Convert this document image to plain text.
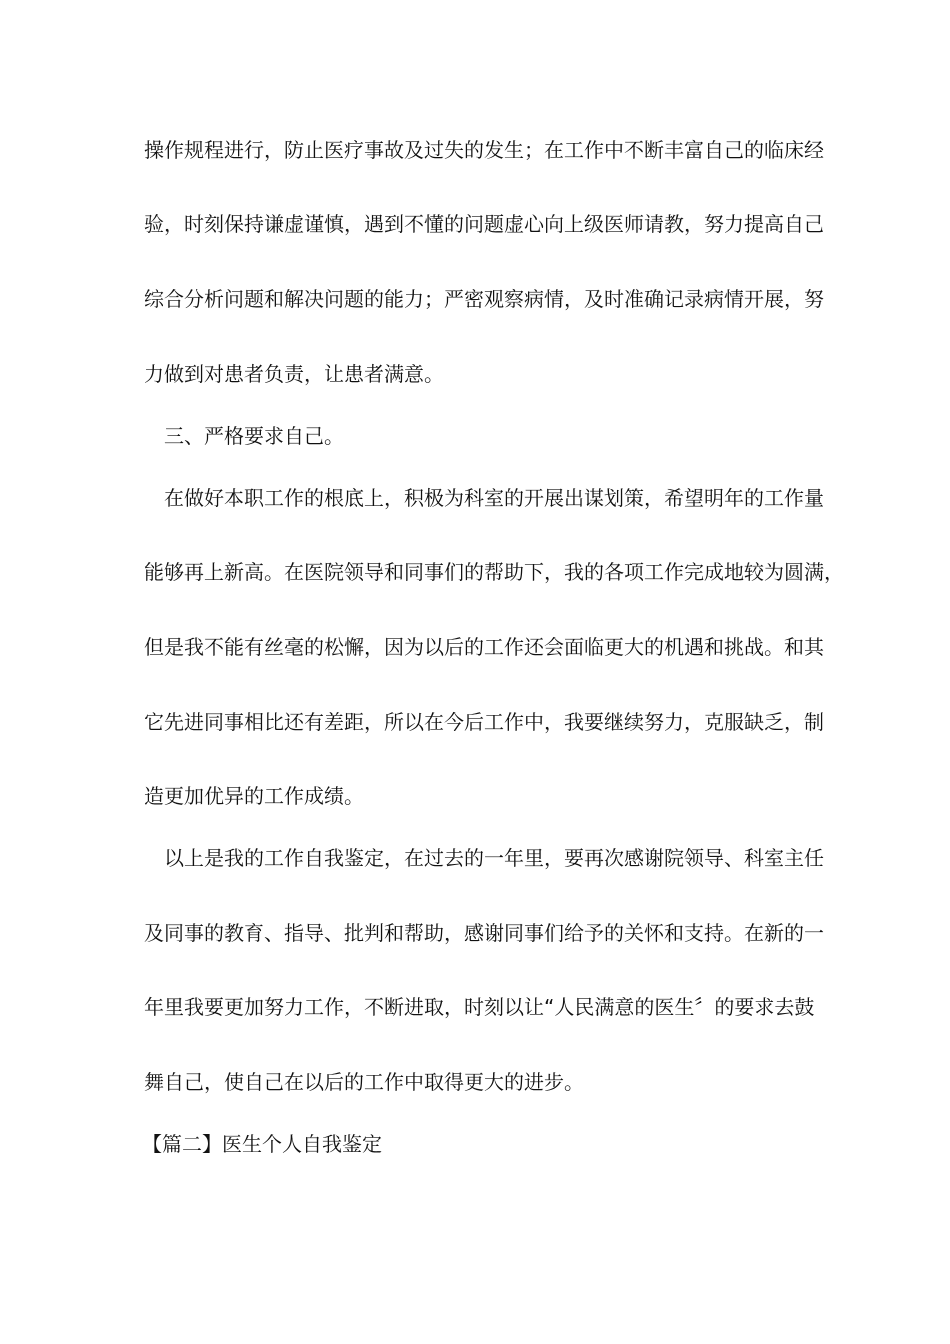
操作规程进行，防止医疗事故及过失的发生；在工作中不断丰富自己的临床经

验，时刻保持谦虚谨慎，遇到不懂的问题虚心向上级医师请教，努力提高自己

综合分析问题和解决问题的能力；严密观察病情，及时准确记录病情开展，努

力做到对患者负责，让患者满意。

三、严格要求自己。

在做好本职工作的根底上，积极为科室的开展出谋划策，希望明年的工作量

能够再上新高。在医院领导和同事们的帮助下，我的各项工作完成地较为圆满，

但是我不能有丝毫的松懈，因为以后的工作还会面临更大的机遇和挑战。和其

它先进同事相比还有差距，所以在今后工作中，我要继续努力，克服缺乏，制

造更加优异的工作成绩。

以上是我的工作自我鉴定，在过去的一年里，要再次感谢院领导、科室主任

及同事的教育、指导、批判和帮助，感谢同事们给予的关怀和支持。在新的一

年里我要更加努力工作，不断进取，时刻以让“人民满意的医生〞的要求去鼓

舞自己，使自己在以后的工作中取得更大的进步。

【篇二】医生个人自我鉴定
